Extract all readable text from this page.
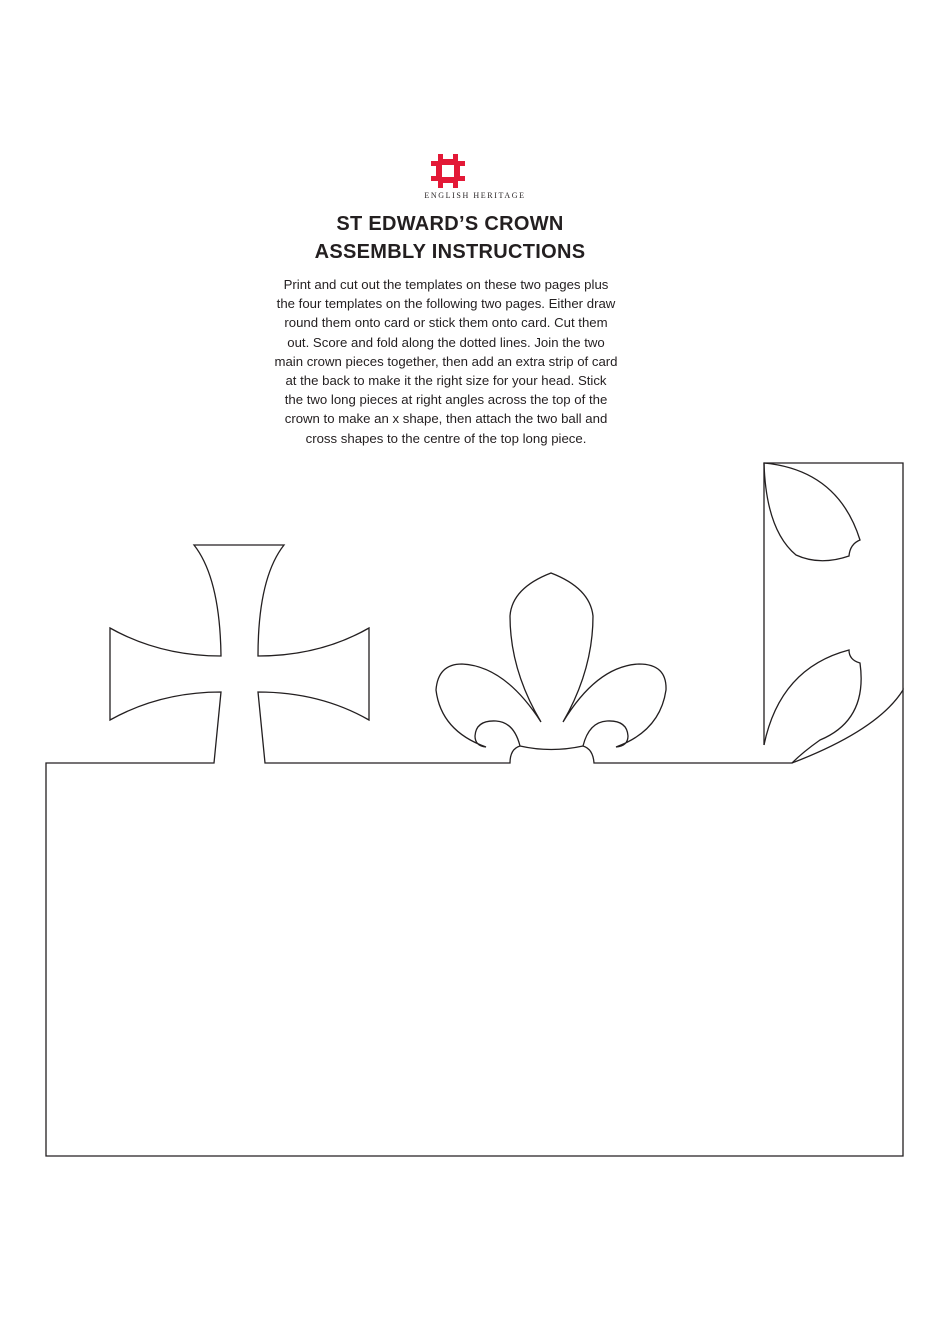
ENGLISH HERITAGE
ST EDWARD’S CROWN
ASSEMBLY INSTRUCTIONS
Print and cut out the templates on these two pages plus
the four templates on the following two pages. Either draw
round them onto card or stick them onto card. Cut them
out. Score and fold along the dotted lines. Join the two
main crown pieces together, then add an extra strip of card
at the back to make it the right size for your head. Stick
the two long pieces at right angles across the top of the
crown to make an x shape, then attach the two ball and
cross shapes to the centre of the top long piece.
